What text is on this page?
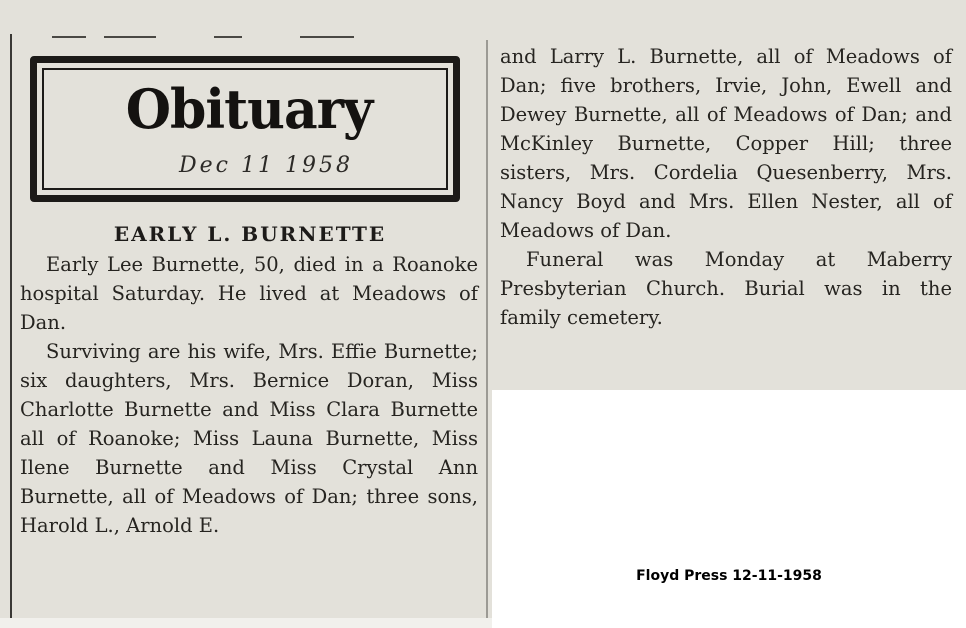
Obituary
Dec 11 1958
EARLY L. BURNETTE

Early Lee Burnette, 50, died in a Roanoke hospital Saturday. He lived at Meadows of Dan.

Surviving are his wife, Mrs. Effie Burnette; six daughters, Mrs. Bernice Doran, Miss Charlotte Burnette and Miss Clara Burnette all of Roanoke; Miss Launa Burnette, Miss Ilene Burnette and Miss Crystal Ann Burnette, all of Meadows of Dan; three sons, Harold L., Arnold E.

and Larry L. Burnette, all of Meadows of Dan; five brothers, Irvie, John, Ewell and Dewey Burnette, all of Meadows of Dan; and McKinley Burnette, Copper Hill; three sisters, Mrs. Cordelia Quesenberry, Mrs. Nancy Boyd and Mrs. Ellen Nester, all of Meadows of Dan.

Funeral was Monday at Maberry Presbyterian Church. Burial was in the family cemetery.

Floyd Press 12-11-1958
